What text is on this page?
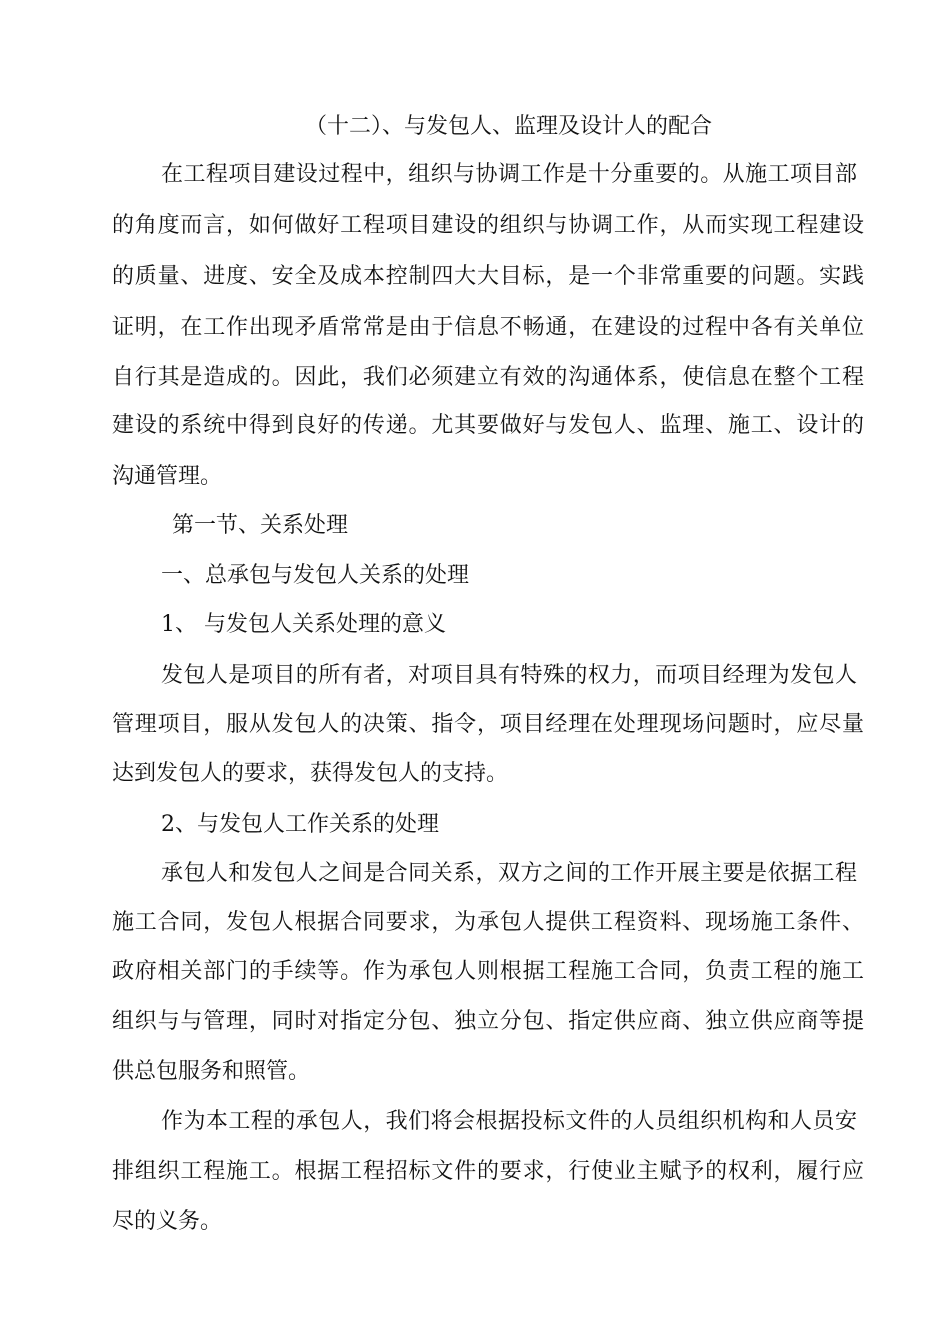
（十二）、与发包人、监理及设计人的配合
在工程项目建设过程中，组织与协调工作是十分重要的。从施工项目部
的角度而言，如何做好工程项目建设的组织与协调工作，从而实现工程建设
的质量、进度、安全及成本控制四大大目标，是一个非常重要的问题。实践
证明，在工作出现矛盾常常是由于信息不畅通，在建设的过程中各有关单位
自行其是造成的。因此，我们必须建立有效的沟通体系，使信息在整个工程
建设的系统中得到良好的传递。尤其要做好与发包人、监理、施工、设计的
沟通管理。
第一节、关系处理
一、总承包与发包人关系的处理
1、 与发包人关系处理的意义
发包人是项目的所有者，对项目具有特殊的权力，而项目经理为发包人
管理项目，服从发包人的决策、指令，项目经理在处理现场问题时，应尽量
达到发包人的要求，获得发包人的支持。
2、与发包人工作关系的处理
承包人和发包人之间是合同关系，双方之间的工作开展主要是依据工程
施工合同，发包人根据合同要求，为承包人提供工程资料、现场施工条件、
政府相关部门的手续等。作为承包人则根据工程施工合同，负责工程的施工
组织与与管理，同时对指定分包、独立分包、指定供应商、独立供应商等提
供总包服务和照管。
作为本工程的承包人，我们将会根据投标文件的人员组织机构和人员安
排组织工程施工。根据工程招标文件的要求，行使业主赋予的权利，履行应
尽的义务。
